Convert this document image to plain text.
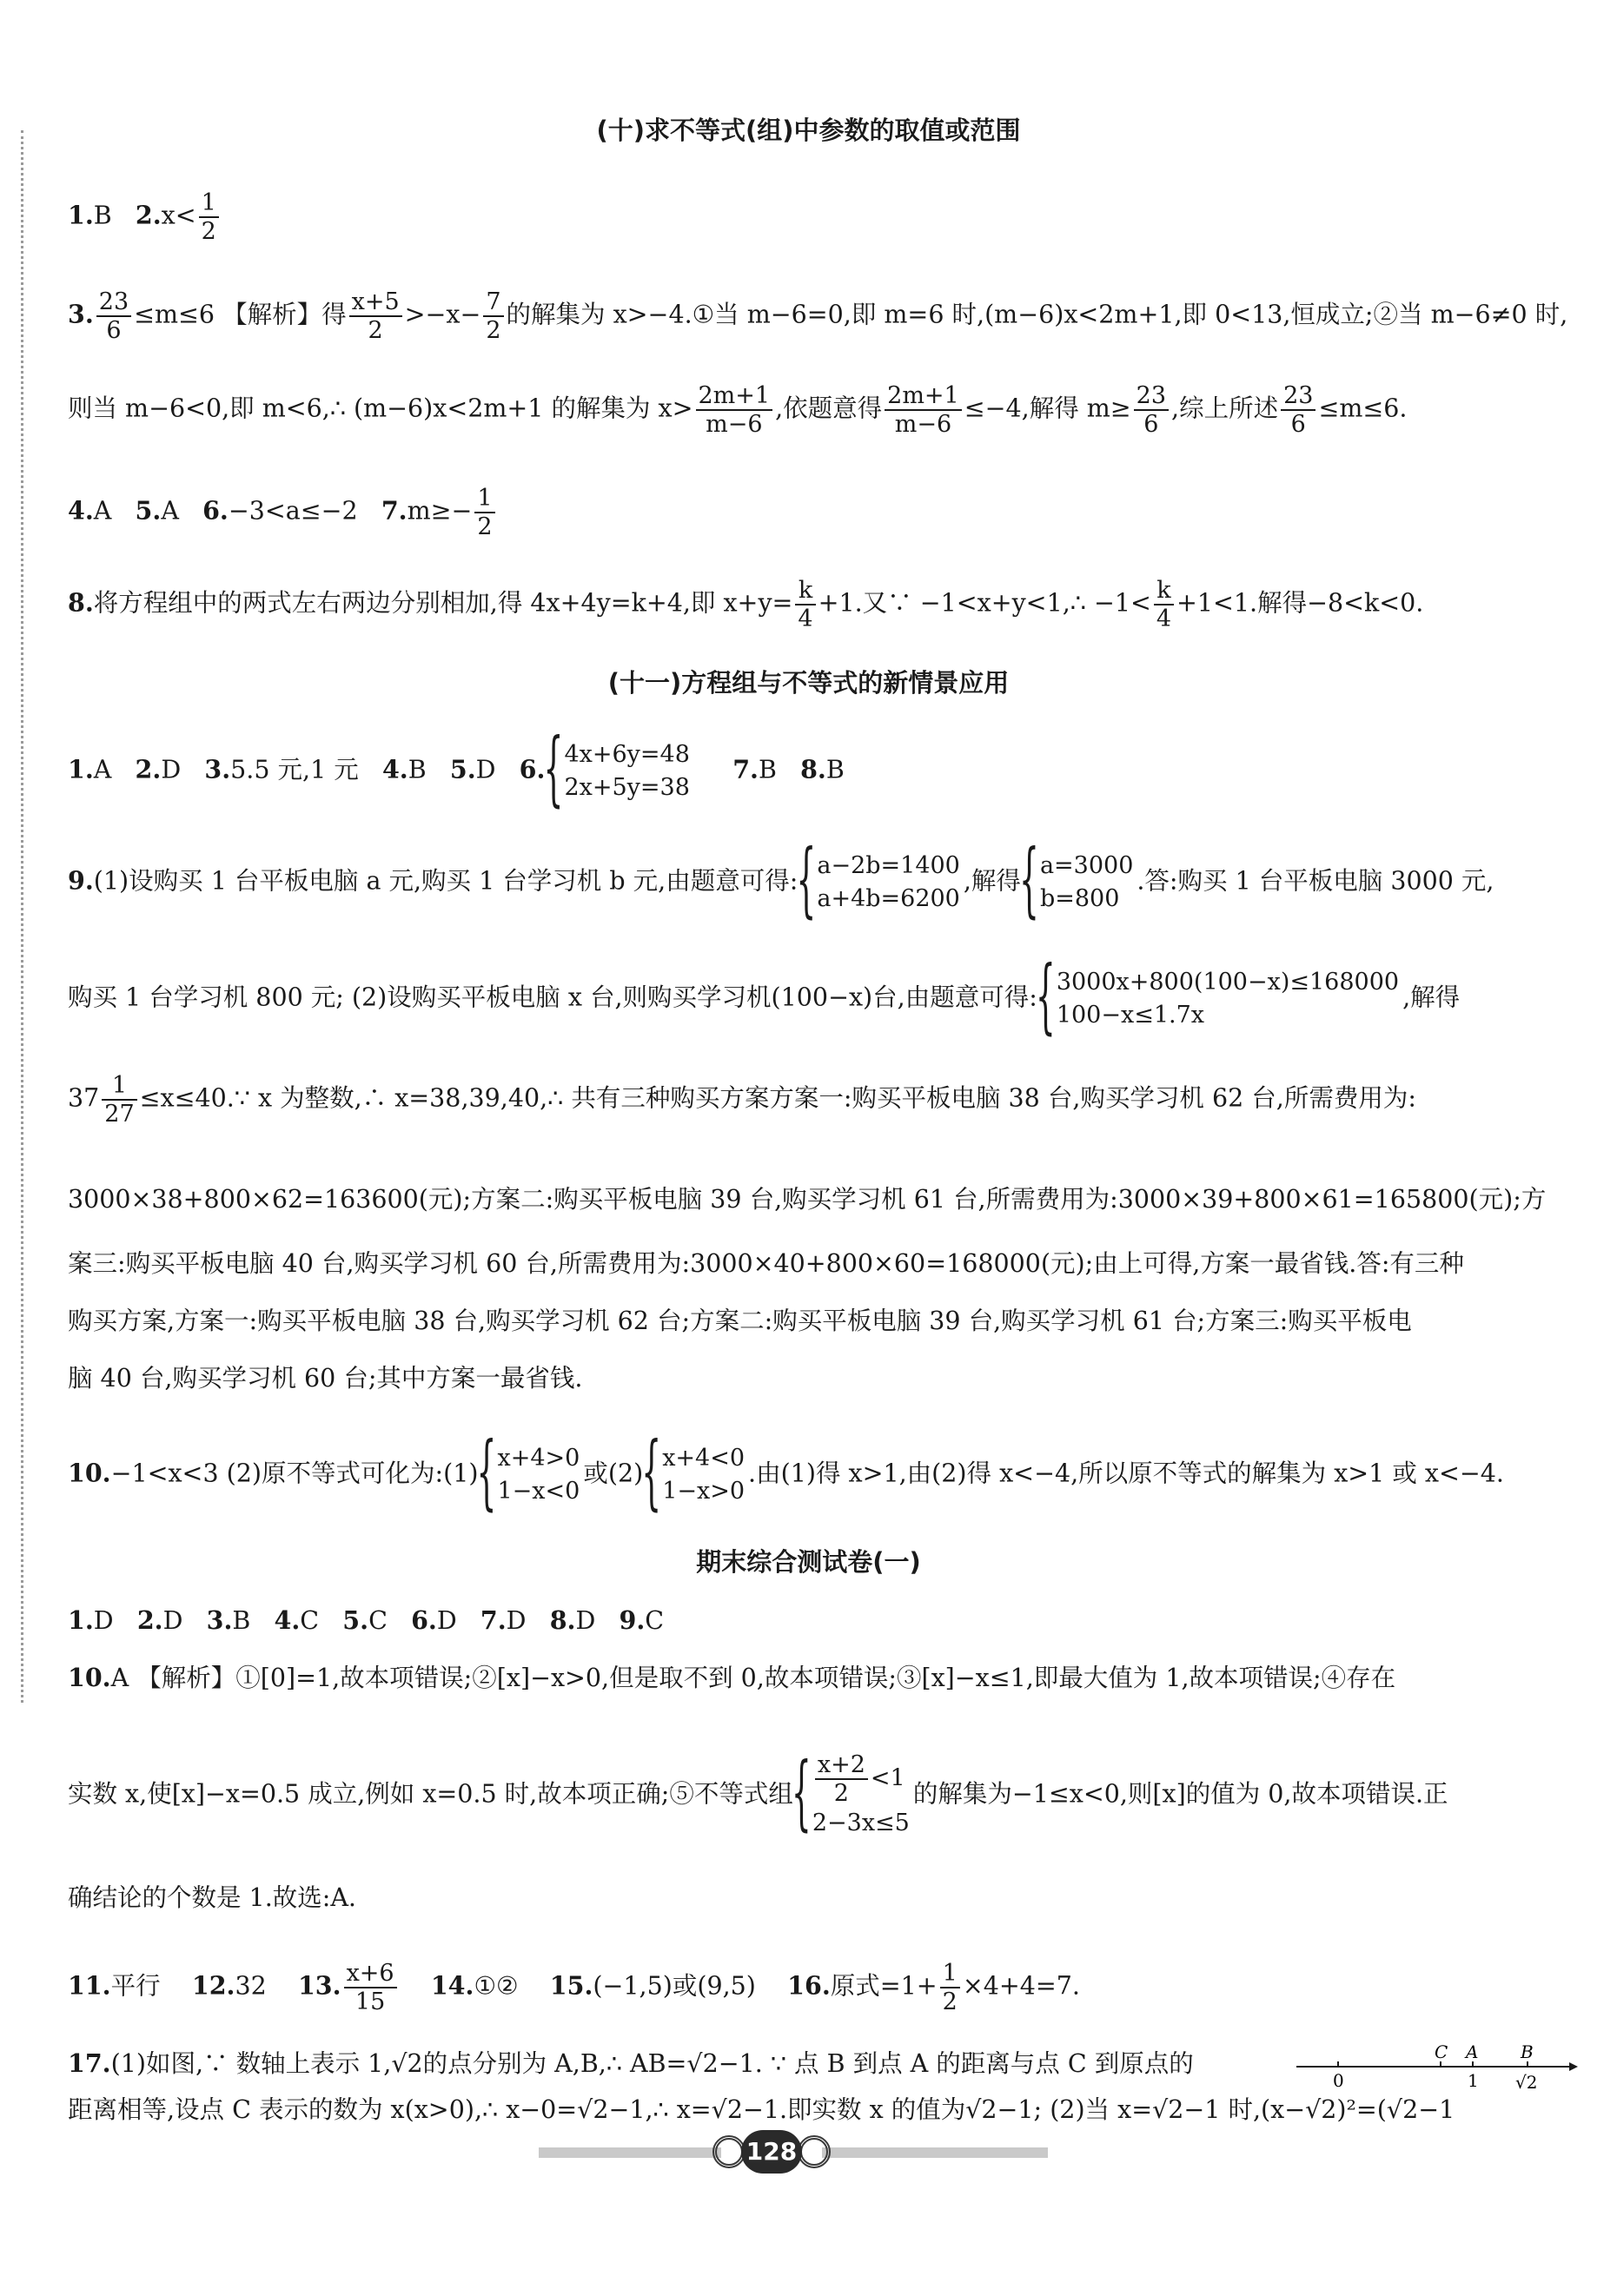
(十)求不等式(组)中参数的取值或范围
1.B $2.x< \frac{1}{2}$
3. $\frac{23}{6} \le m\le 6$ 【解析】得 $\frac{x+5}{2} >-x- \frac{7}{2}$ 的解集为 x>−4.①当 m−6=0,即 m=6 时,(m−6)x<2m+1,即 0<13,恒成立;②当 m−6≠0 时,
则当 m−6<0,即 m<6,∴ (m−6)x<2m+1 的解集为 $x> \frac{2m+1}{m-6}$ ,依题意得 $\frac{2m+1}{m-6} \le-4$,解得 $m\ge \frac{23}{6}$ ,综上所述 $\frac{23}{6} \le m\le 6$.
4.A 5.A 6.−3<a≤−2 $7.m\ge- \frac{1}{2}$
8.将方程组中的两式左右两边分别相加,得 4x+4y=k+4,即 $x+y= \frac{k}{4} +1$.又∵ −1<x+y<1,∴ $-1< \frac{k}{4} +1<1$.解得−8<k<0.
(十一)方程组与不等式的新情景应用
1.A 2.D 3.5.5 元,1 元 4.B 5.D 6. { 4x+6y=48
2x+5y=38
7.B 8.B
9.(1)设购买 1 台平板电脑 a 元,购买 1 台学习机 b 元,由题意可得:
{ a−2b=1400
a+4b=6200
,解得
{ a=3000
b=800
.答:购买 1 台平板电脑 3000 元,
购买 1 台学习机 800 元; (2)设购买平板电脑 x 台,则购买学习机(100−x)台,由题意可得:
{ 3000x+800(100−x)≤168000
100−x≤1.7x
,解得
$37 \frac{1}{27}$ ≤x≤40.∵ x 为整数,∴ x=38,39,40,∴ 共有三种购买方案方案一:购买平板电脑 38 台,购买学习机 62 台,所需费用为:
3000×38+800×62=163600(元);方案二:购买平板电脑 39 台,购买学习机 61 台,所需费用为:3000×39+800×61=165800(元);方
案三:购买平板电脑 40 台,购买学习机 60 台,所需费用为:3000×40+800×60=168000(元);由上可得,方案一最省钱.答:有三种
购买方案,方案一:购买平板电脑 38 台,购买学习机 62 台;方案二:购买平板电脑 39 台,购买学习机 61 台;方案三:购买平板电
脑 40 台,购买学习机 60 台;其中方案一最省钱.
10.−1<x<3 (2)原不等式可化为:(1)
{ x+4>0
1−x<0
或(2)
{ x+4<0
1−x>0
.由(1)得 x>1,由(2)得 x<−4,所以原不等式的解集为 x>1 或 x<−4.
期末综合测试卷(一)
1.D 2.D 3.B 4.C 5.C 6.D 7.D 8.D 9.C
10.A 【解析】①[0]=1,故本项错误;②[x]−x>0,但是取不到 0,故本项错误;③[x]−x≤1,即最大值为 1,故本项错误;④存在
实数 x,使[x]−x=0.5 成立,例如 x=0.5 时,故本项正确;⑤不等式组 { $\frac{x+2}{2} <1$
2−3x≤5
的解集为−1≤x<0,则[x]的值为 0,故本项错误.正
确结论的个数是 1.故选:A.
11.平行 12.32 13. $\frac{x+6}{15}$ 14.①② 15.(−1,5)或(9,5) 16.原式$=1+ \frac{1}{2} \times 4+4=7$.
17.(1)如图,∵ 数轴上表示 1,√2的点分别为 A,B,∴ AB=√2−1. ∵ 点 B 到点 A 的距离与点 C 到原点的	C A B
0	1 √2
距离相等,设点 C 表示的数为 x(x>0),∴ x−0=√2−1,∴ x=√2−1.即实数 x 的值为√2−1; (2)当 x=√2−1 时,(x−√2)²=(√2−1
128
